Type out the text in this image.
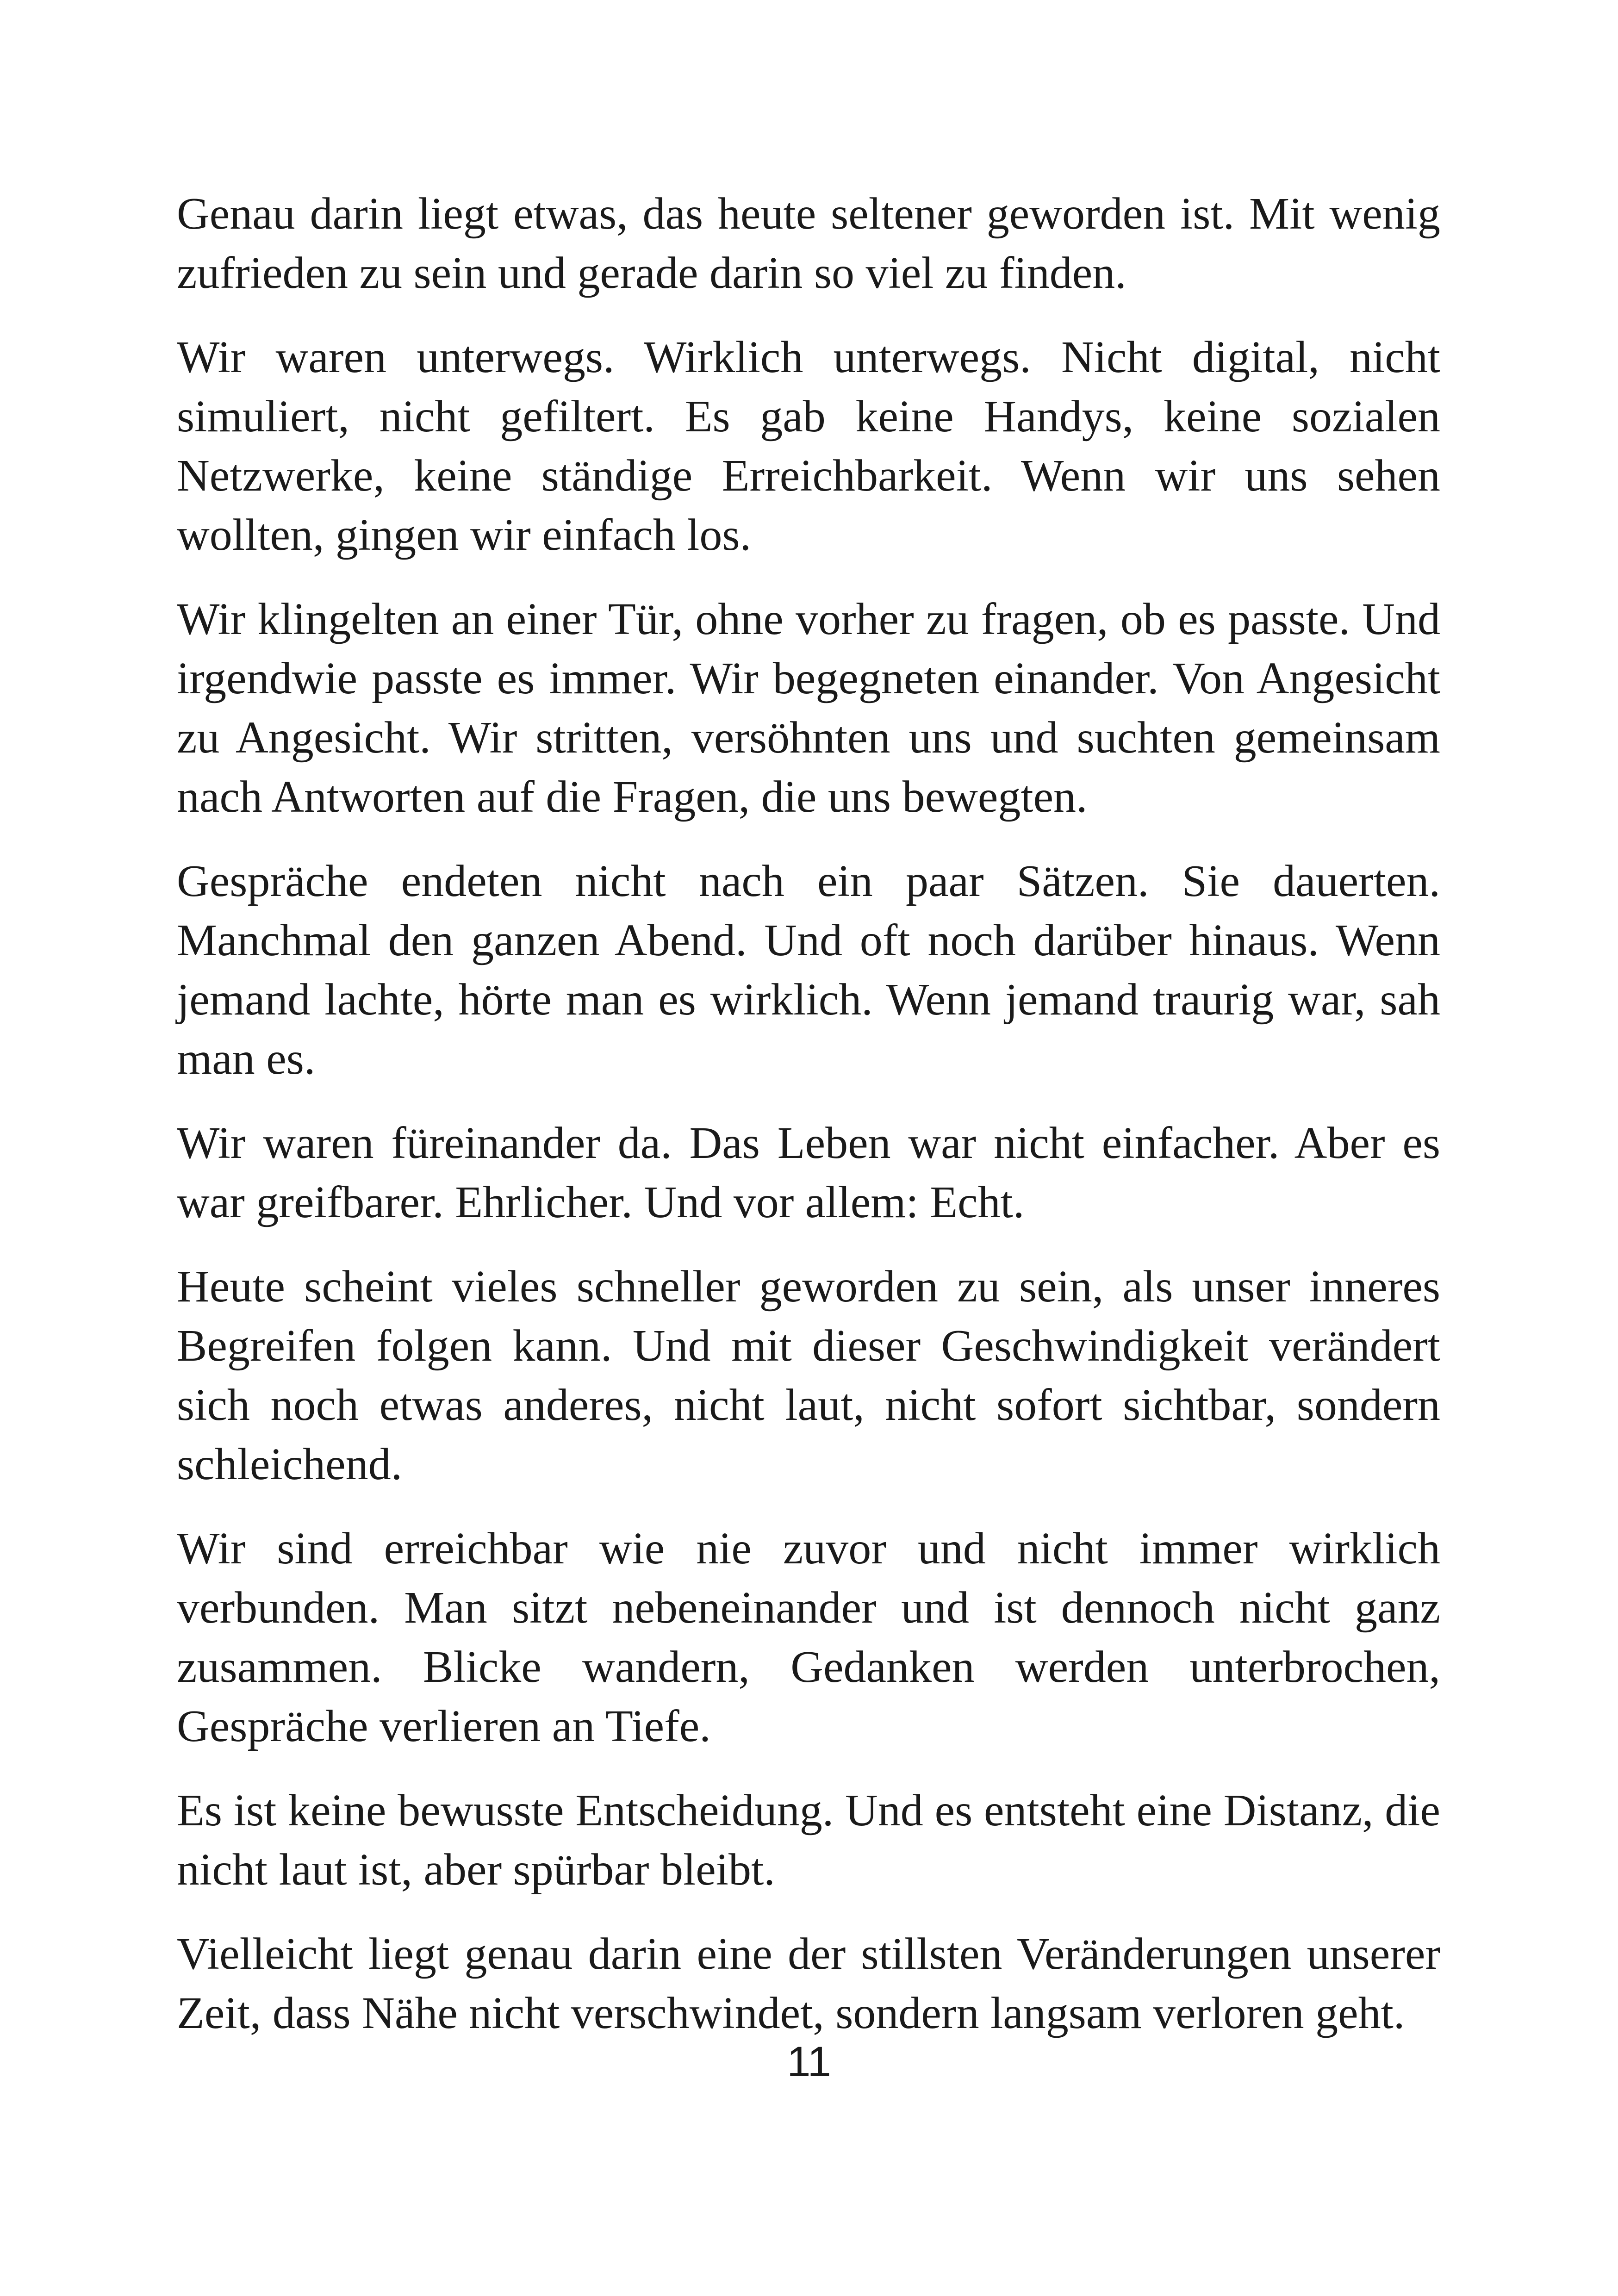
Genau darin liegt etwas, das heute seltener geworden ist. Mit wenig zufrieden zu sein und gerade darin so viel zu finden.

Wir waren unterwegs. Wirklich unterwegs. Nicht digital, nicht simuliert, nicht gefiltert. Es gab keine Handys, keine sozialen Netzwerke, keine ständige Erreichbarkeit. Wenn wir uns sehen wollten, gingen wir einfach los.

Wir klingelten an einer Tür, ohne vorher zu fragen, ob es passte. Und irgendwie passte es immer. Wir begegneten einander. Von Angesicht zu Angesicht. Wir stritten, versöhnten uns und suchten gemeinsam nach Antworten auf die Fragen, die uns bewegten.

Gespräche endeten nicht nach ein paar Sätzen. Sie dauerten. Manchmal den ganzen Abend. Und oft noch darüber hinaus. Wenn jemand lachte, hörte man es wirklich. Wenn jemand traurig war, sah man es.

Wir waren füreinander da. Das Leben war nicht einfacher. Aber es war greifbarer. Ehrlicher. Und vor allem: Echt.

Heute scheint vieles schneller geworden zu sein, als unser inneres Begreifen folgen kann. Und mit dieser Geschwindigkeit verändert sich noch etwas anderes, nicht laut, nicht sofort sichtbar, sondern schleichend.

Wir sind erreichbar wie nie zuvor und nicht immer wirklich verbunden. Man sitzt nebeneinander und ist dennoch nicht ganz zusammen. Blicke wandern, Gedanken werden unterbrochen, Gespräche verlieren an Tiefe.

Es ist keine bewusste Entscheidung. Und es entsteht eine Distanz, die nicht laut ist, aber spürbar bleibt.

Vielleicht liegt genau darin eine der stillsten Veränderungen unserer Zeit, dass Nähe nicht verschwindet, sondern langsam verloren geht.

11
